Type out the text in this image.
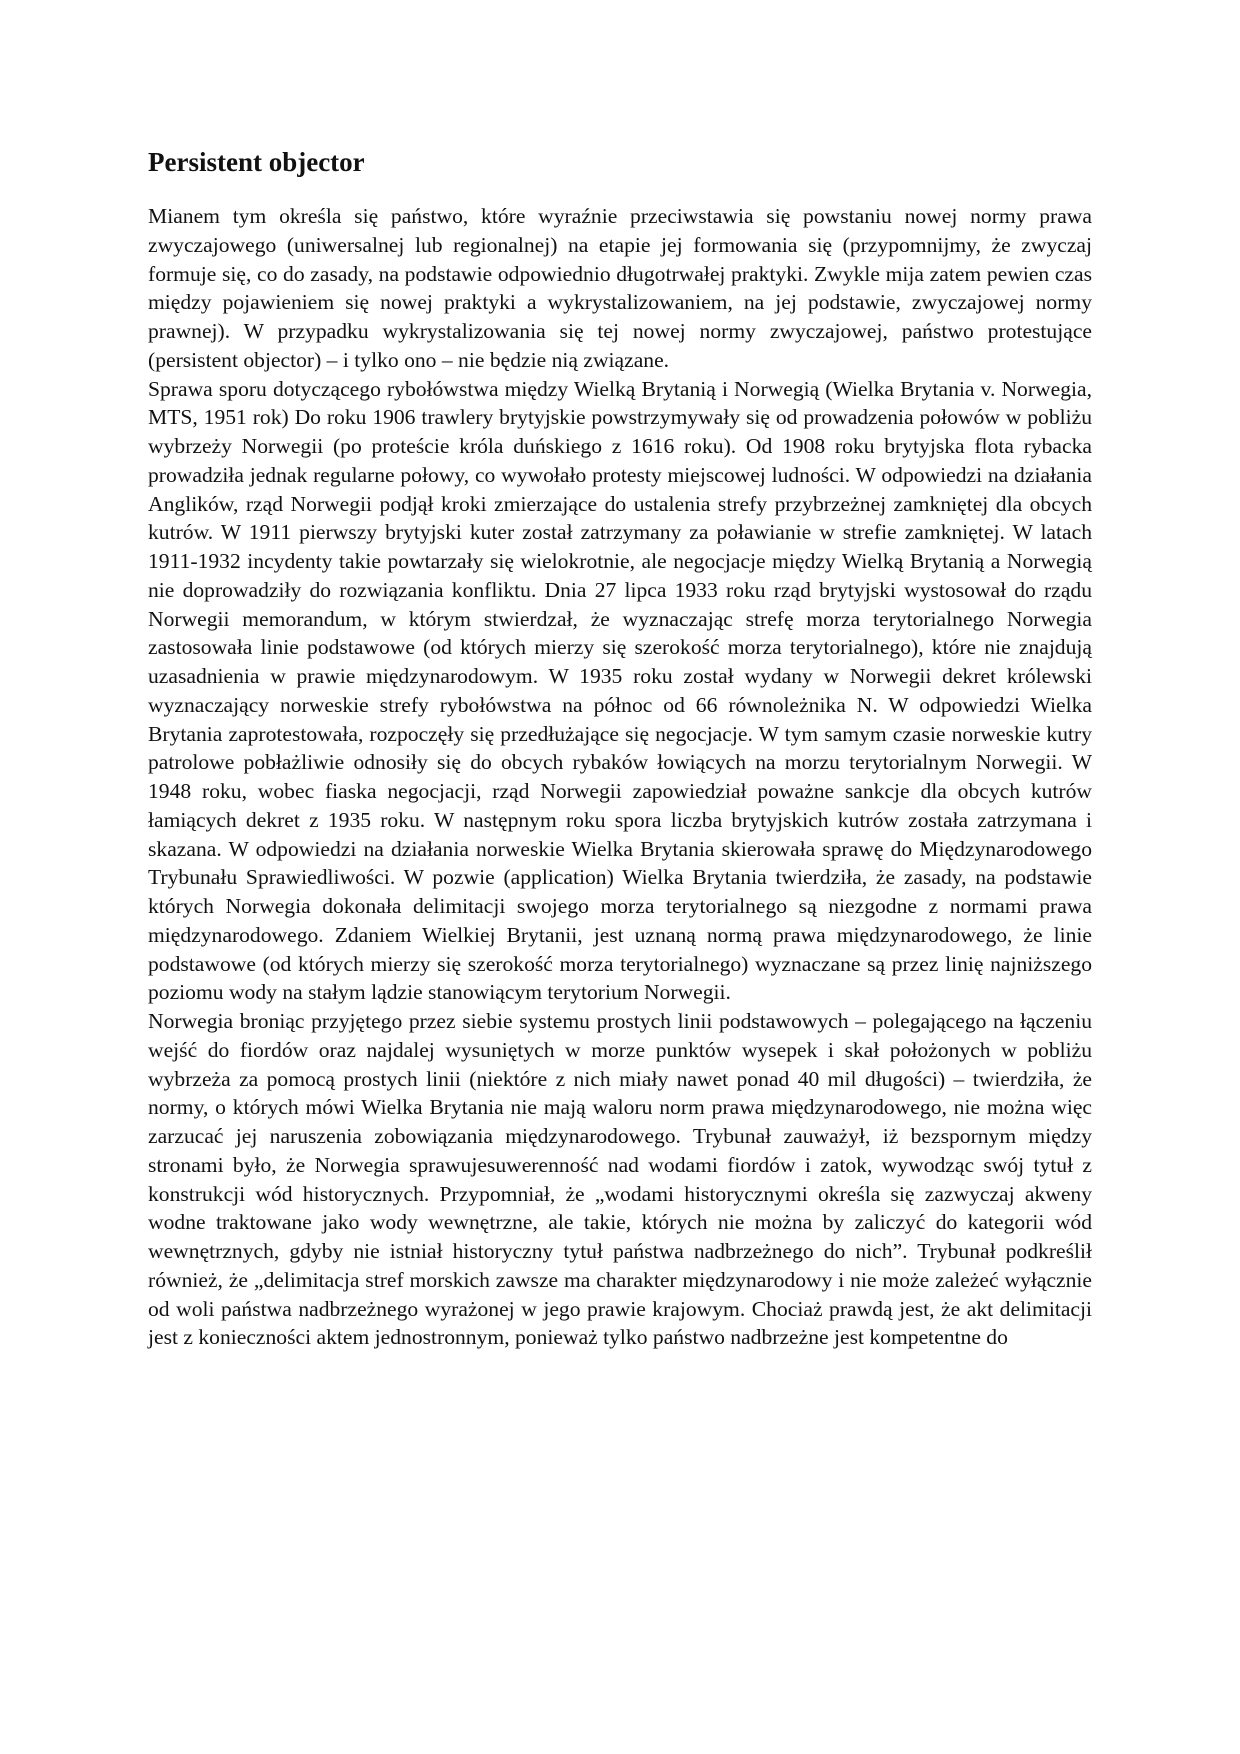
Persistent objector

Mianem tym określa się państwo, które wyraźnie przeciwstawia się powstaniu nowej normy prawa zwyczajowego (uniwersalnej lub regionalnej) na etapie jej formowania się (przypomnijmy, że zwyczaj formuje się, co do zasady, na podstawie odpowiednio długotrwałej praktyki. Zwykle mija zatem pewien czas między pojawieniem się nowej praktyki a wykrystalizowaniem, na jej podstawie, zwyczajowej normy prawnej). W przypadku wykrystalizowania się tej nowej normy zwyczajowej, państwo protestujące (persistent objector) – i tylko ono – nie będzie nią związane.

Sprawa sporu dotyczącego rybołówstwa między Wielką Brytanią i Norwegią (Wielka Brytania v. Norwegia, MTS, 1951 rok) Do roku 1906 trawlery brytyjskie powstrzymywały się od prowadzenia połowów w pobliżu wybrzeży Norwegii (po proteście króla duńskiego z 1616 roku). Od 1908 roku brytyjska flota rybacka prowadziła jednak regularne połowy, co wywołało protesty miejscowej ludności. W odpowiedzi na działania Anglików, rząd Norwegii podjął kroki zmierzające do ustalenia strefy przybrzeżnej zamkniętej dla obcych kutrów. W 1911 pierwszy brytyjski kuter został zatrzymany za poławianie w strefie zamkniętej. W latach 1911-1932 incydenty takie powtarzały się wielokrotnie, ale negocjacje między Wielką Brytanią a Norwegią nie doprowadziły do rozwiązania konfliktu. Dnia 27 lipca 1933 roku rząd brytyjski wystosował do rządu Norwegii memorandum, w którym stwierdzał, że wyznaczając strefę morza terytorialnego Norwegia zastosowała linie podstawowe (od których mierzy się szerokość morza terytorialnego), które nie znajdują uzasadnienia w prawie międzynarodowym. W 1935 roku został wydany w Norwegii dekret królewski wyznaczający norweskie strefy rybołówstwa na północ od 66 równoleżnika N. W odpowiedzi Wielka Brytania zaprotestowała, rozpoczęły się przedłużające się negocjacje. W tym samym czasie norweskie kutry patrolowe pobłażliwie odnosiły się do obcych rybaków łowiących na morzu terytorialnym Norwegii. W 1948 roku, wobec fiaska negocjacji, rząd Norwegii zapowiedział poważne sankcje dla obcych kutrów łamiących dekret z 1935 roku. W następnym roku spora liczba brytyjskich kutrów została zatrzymana i skazana. W odpowiedzi na działania norweskie Wielka Brytania skierowała sprawę do Międzynarodowego Trybunału Sprawiedliwości. W pozwie (application) Wielka Brytania twierdziła, że zasady, na podstawie których Norwegia dokonała delimitacji swojego morza terytorialnego są niezgodne z normami prawa międzynarodowego. Zdaniem Wielkiej Brytanii, jest uznaną normą prawa międzynarodowego, że linie podstawowe (od których mierzy się szerokość morza terytorialnego) wyznaczane są przez linię najniższego poziomu wody na stałym lądzie stanowiącym terytorium Norwegii.

Norwegia broniąc przyjętego przez siebie systemu prostych linii podstawowych – polegającego na łączeniu wejść do fiordów oraz najdalej wysuniętych w morze punktów wysepek i skał położonych w pobliżu wybrzeża za pomocą prostych linii (niektóre z nich miały nawet ponad 40 mil długości) – twierdziła, że normy, o których mówi Wielka Brytania nie mają waloru norm prawa międzynarodowego, nie można więc zarzucać jej naruszenia zobowiązania międzynarodowego. Trybunał zauważył, iż bezspornym między stronami było, że Norwegia sprawujesuwerenność nad wodami fiordów i zatok, wywodząc swój tytuł z konstrukcji wód historycznych. Przypomniał, że „wodami historycznymi określa się zazwyczaj akweny wodne traktowane jako wody wewnętrzne, ale takie, których nie można by zaliczyć do kategorii wód wewnętrznych, gdyby nie istniał historyczny tytuł państwa nadbrzeżnego do nich”. Trybunał podkreślił również, że „delimitacja stref morskich zawsze ma charakter międzynarodowy i nie może zależeć wyłącznie od woli państwa nadbrzeżnego wyrażonej w jego prawie krajowym. Chociaż prawdą jest, że akt delimitacji jest z konieczności aktem jednostronnym, ponieważ tylko państwo nadbrzeżne jest kompetentne do
